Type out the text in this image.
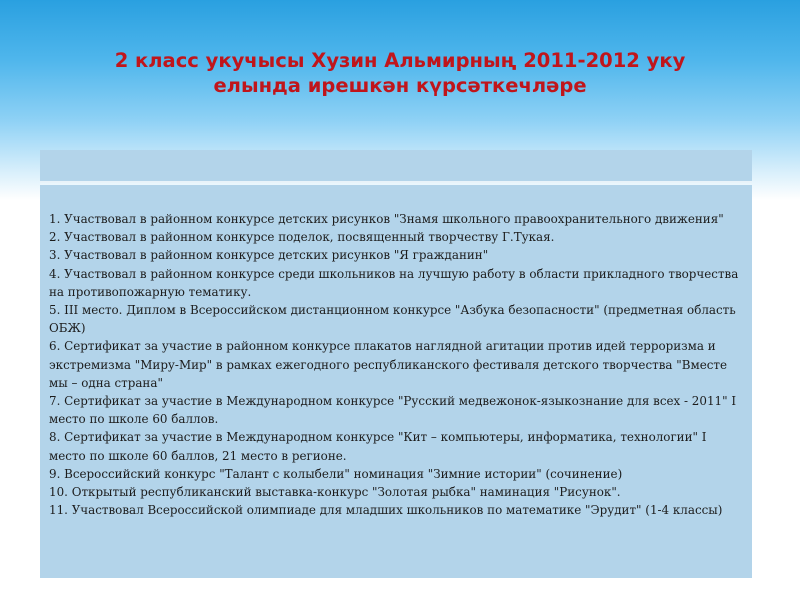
2 класс укучысы Хузин Альмирның 2011-2012 уку
елында ирешкән күрсәткечләре

1. Участвовал в районном конкурсе детских рисунков "Знамя школьного правоохранительного движения"

2. Участвовал в районном конкурсе поделок, посвященный творчеству Г.Тукая.

3. Участвовал в районном конкурсе детских рисунков "Я гражданин"

4. Участвовал в районном конкурсе среди школьников на лучшую работу в области прикладного творчества на противопожарную тематику.

5. III место. Диплом в Всероссийском дистанционном конкурсе "Азбука безопасности" (предметная область ОБЖ)

6. Сертификат за участие в районном конкурсе плакатов наглядной агитации против идей терроризма и экстремизма "Миру-Мир" в рамках ежегодного республиканского фестиваля детского творчества "Вместе мы – одна страна"

7. Сертификат за участие в Международном конкурсе "Русский медвежонок-языкознание для всех - 2011" I место по школе 60 баллов.

8. Сертификат за участие в Международном конкурсе "Кит – компьютеры, информатика, технологии" I место по школе 60 баллов, 21 место в регионе.

9. Всероссийский конкурс "Талант с колыбели" номинация "Зимние истории" (сочинение)

10. Открытый республиканский выставка-конкурс "Золотая рыбка" наминация "Рисунок".

11. Участвовал Всероссийской олимпиаде для младших школьников по математике "Эрудит" (1-4 классы)
